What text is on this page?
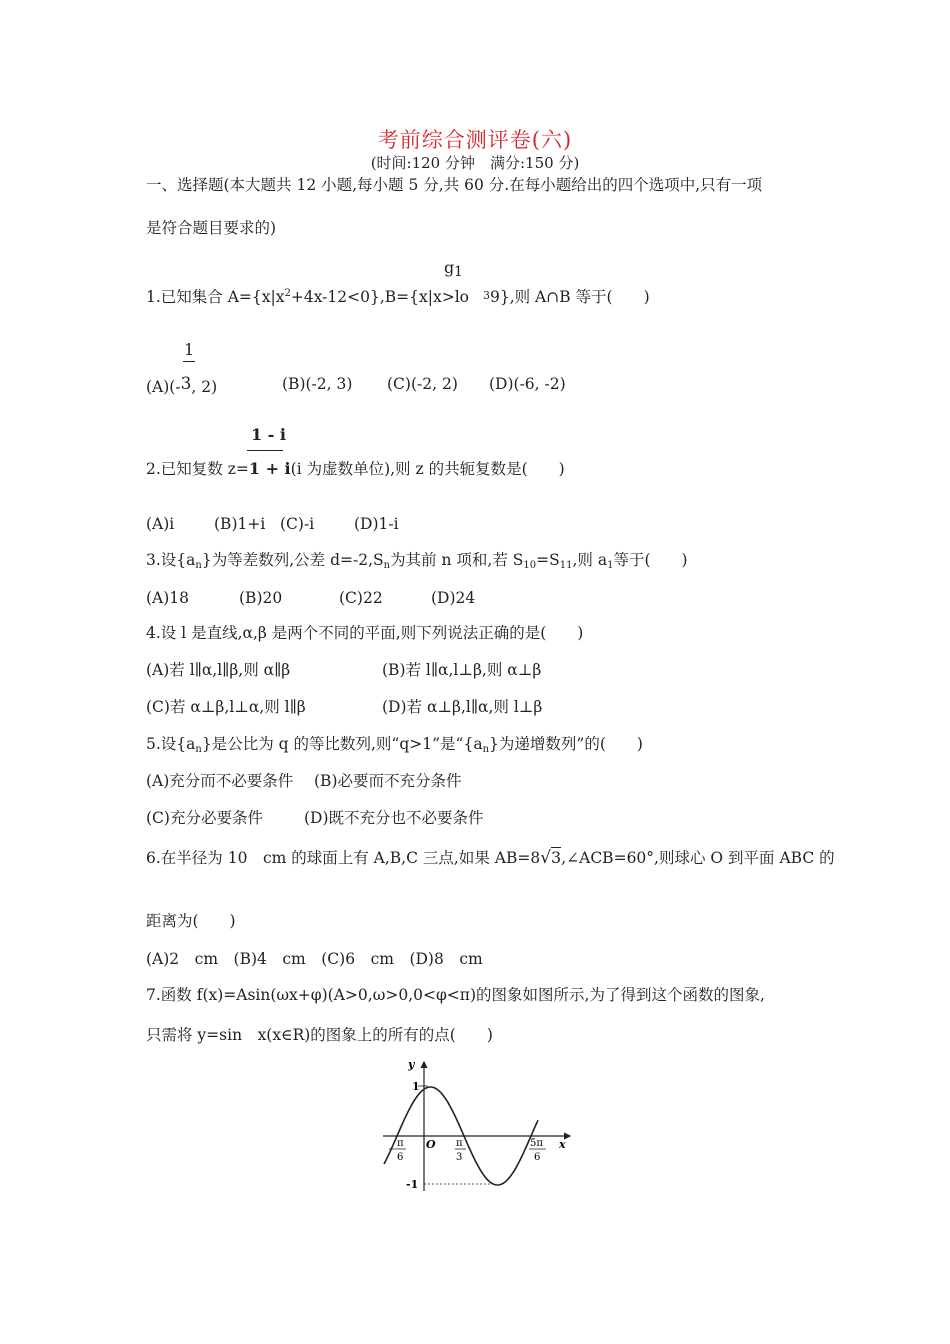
考前综合测评卷(六)
(时间:120 分钟　满分:150 分)
一、选择题(本大题共 12 小题,每小题 5 分,共 60 分.在每小题给出的四个选项中,只有一项
是符合题目要求的)
g 1
1.已知集合 $A=\{x|x^2+4x-12<0\},B=\{x|x>lo$ 39},则 A∩B 等于(　　)
1
(A)(-3, 2)	(B)(-2, 3) (C)(-2, 2) (D)(-6, -2)
1 - i
2.已知复数 z=1 + i(i 为虚数单位),则 z 的共轭复数是(　　)
(A)i	(B)1+i (C)-i	(D)1-i
3.设$\{a_n\}$为等差数列,公差 $d=-2,S_n$为其前 n 项和,若 $S_{10}=S_{11}$,则 $a_1$等于(　　)
(A)18	(B)20	(C)22	(D)24
4.设 l 是直线,α,β 是两个不同的平面,则下列说法正确的是(　　)
(A)若 l∥α,l∥β,则 α∥β	(B)若 l∥α,l⊥β,则 α⊥β
(C)若 α⊥β,l⊥α,则 l∥β	(D)若 α⊥β,l∥α,则 l⊥β
5.设$\{a_n\}$是公比为 q 的等比数列,则“q>1”是“$\{a_n\}$为递增数列”的(　　)
(A)充分而不必要条件 (B)必要而不充分条件
(C)充分必要条件	(D)既不充分也不必要条件
6.在半径为 10　cm 的球面上有 A,B,C 三点,如果 AB=8√3,∠ACB=60°,则球心 O 到平面 ABC 的
距离为(　　)
(A)2　cm　(B)4　cm　(C)6　cm　(D)8　cm
7.函数 f(x)=Asin(ωx+φ)(A>0,ω>0,0<φ<π)的图象如图所示,为了得到这个函数的图象,
只需将 y=sin　x(x∈R)的图象上的所有的点(　　)
y
x
O
1
-1
π
6
π
3
5π
6
